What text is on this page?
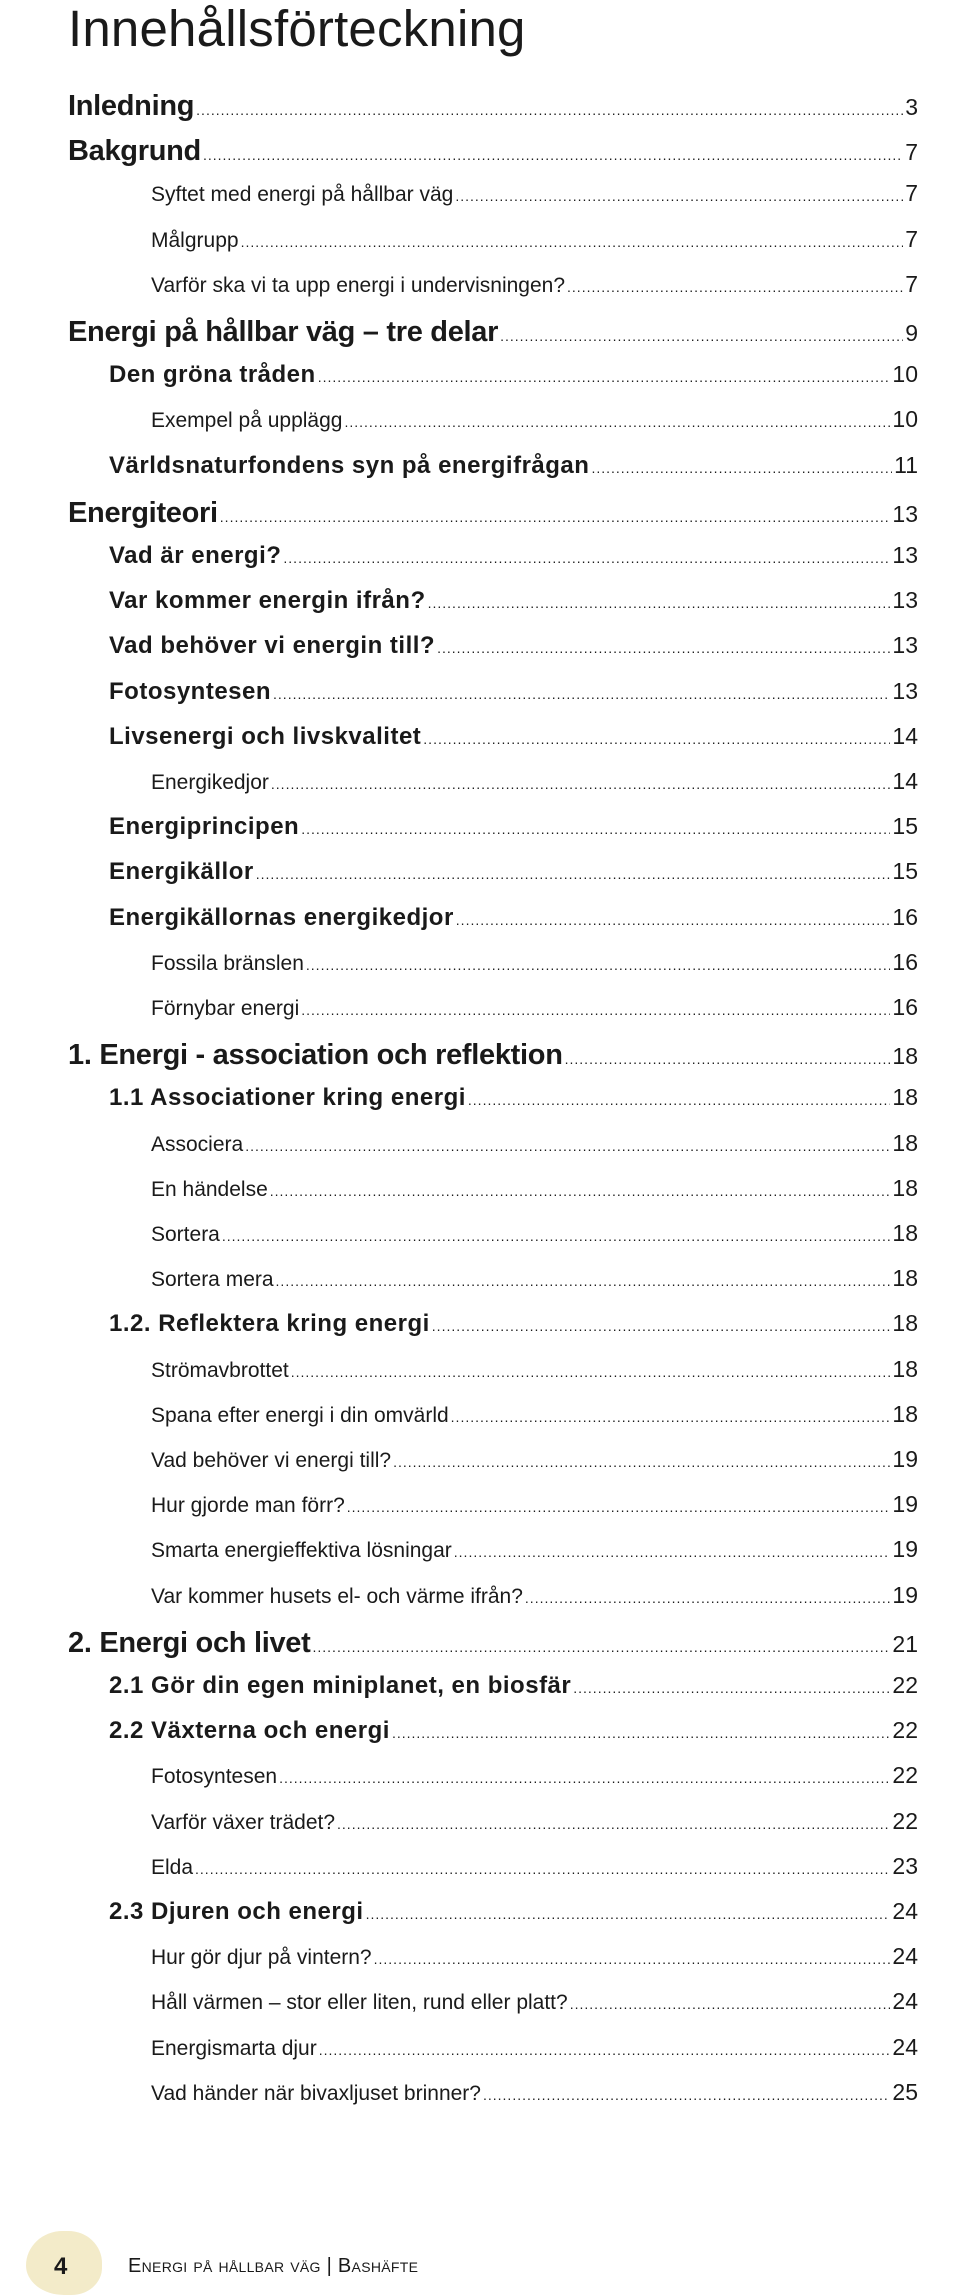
Innehållsförteckning
Inledning .....	3
Bakgrund .....	7
Syftet med energi på hållbar väg .....	7
Målgrupp .....	7
Varför ska vi ta upp energi i undervisningen? .....	7
Energi på hållbar väg – tre delar .....	9
Den gröna tråden .....	10
Exempel på upplägg .....	10
Världsnaturfondens syn på energifrågan .....	11
Energiteori .....	13
Vad är energi? .....	13
Var kommer energin ifrån? .....	13
Vad behöver vi energin till? .....	13
Fotosyntesen .....	13
Livsenergi och livskvalitet .....	14
Energikedjor .....	14
Energiprincipen .....	15
Energikällor .....	15
Energikällornas energikedjor .....	16
Fossila bränslen .....	16
Förnybar energi .....	16
1. Energi - association och reflektion .....	18
1.1 Associationer kring energi .....	18
Associera .....	18
En händelse .....	18
Sortera .....	18
Sortera mera .....	18
1.2. Reflektera kring energi .....	18
Strömavbrottet .....	18
Spana efter energi i din omvärld .....	18
Vad behöver vi energi till? .....	19
Hur gjorde man förr? .....	19
Smarta energieffektiva lösningar .....	19
Var kommer husets el- och värme ifrån? .....	19
2. Energi och livet .....	21
2.1 Gör din egen miniplanet, en biosfär .....	22
2.2 Växterna och energi .....	22
Fotosyntesen .....	22
Varför växer trädet? .....	22
Elda .....	23
2.3 Djuren och energi .....	24
Hur gör djur på vintern? .....	24
Håll värmen – stor eller liten, rund eller platt? .....	24
Energismarta djur .....	24
Vad händer när bivaxljuset brinner? .....	25
4	Energi på hållbar väg | Bashäfte
